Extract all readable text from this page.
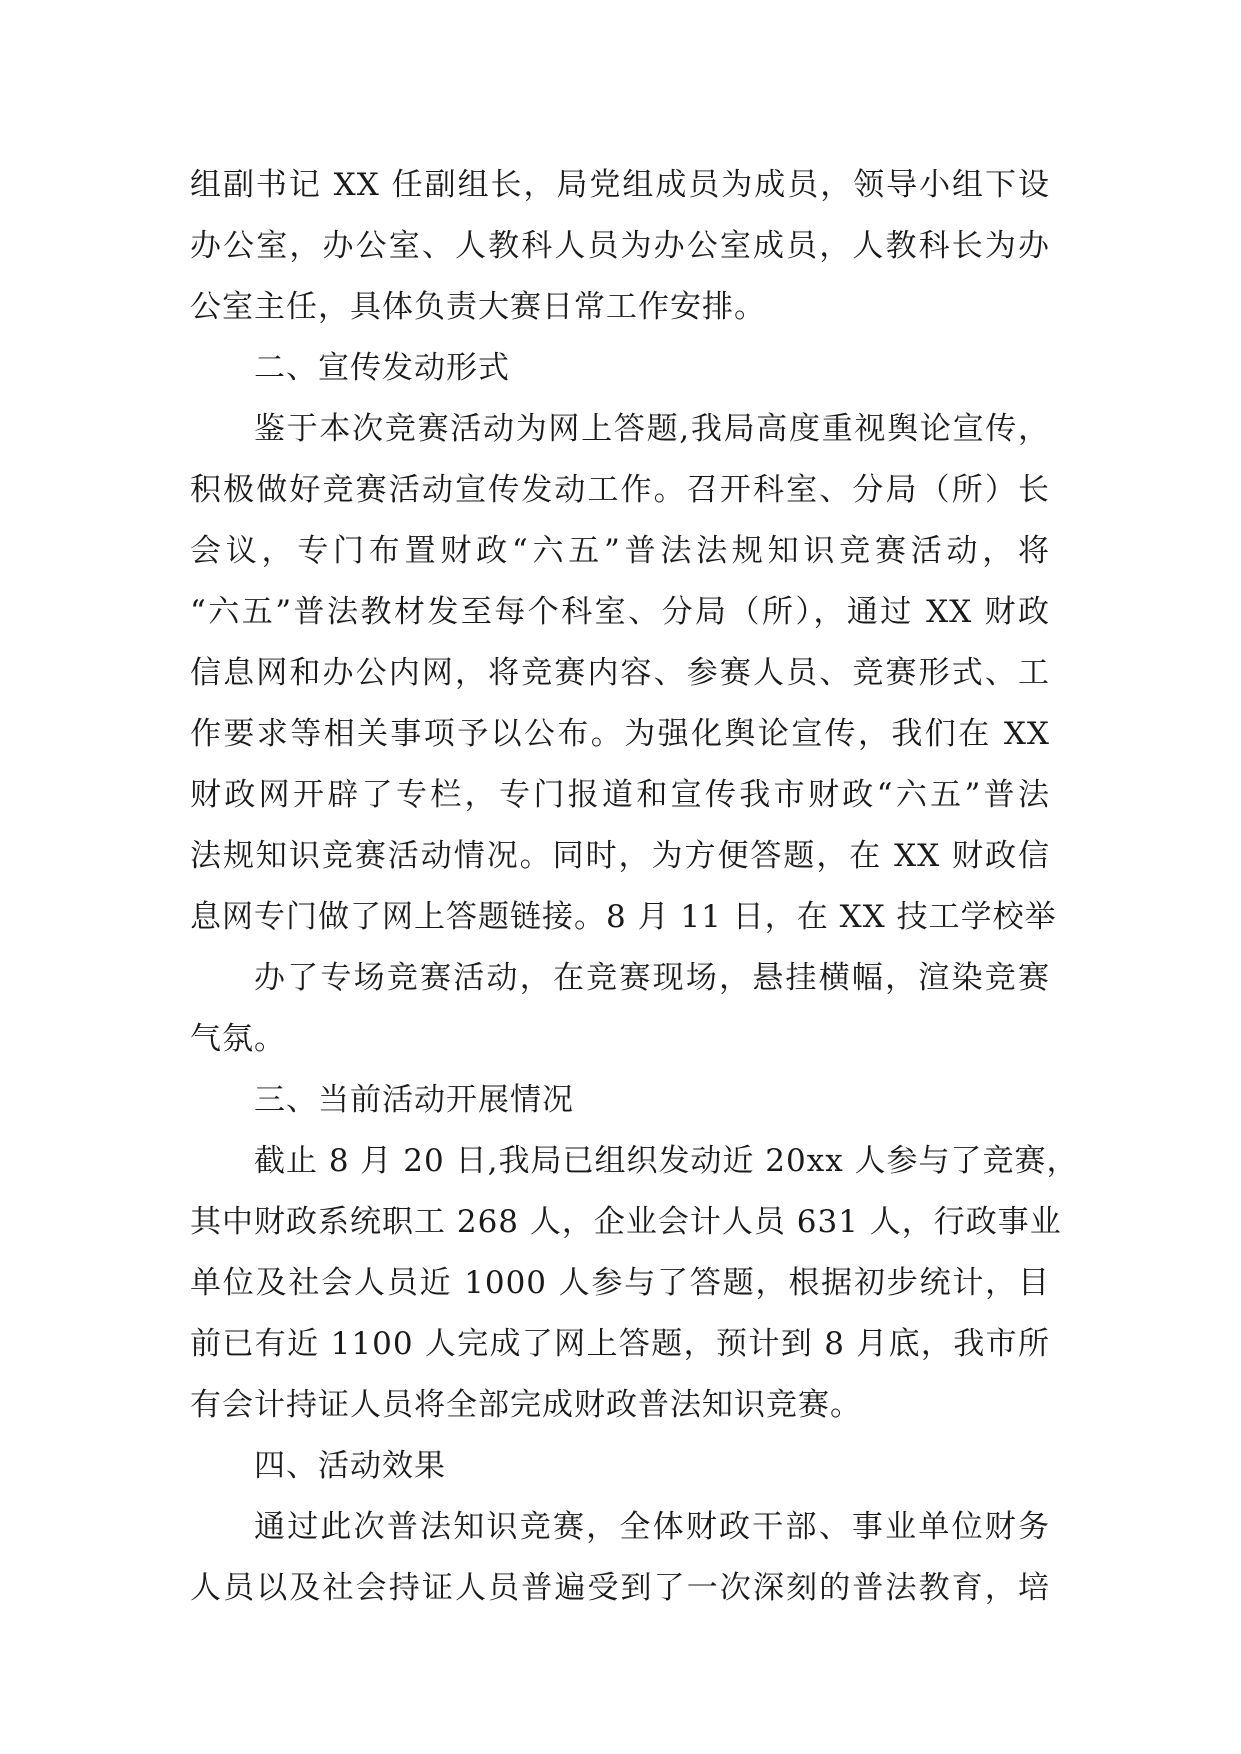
组副书记 XX 任副组长，局党组成员为成员，领导小组下设
办公室，办公室、人教科人员为办公室成员，人教科长为办
公室主任，具体负责大赛日常工作安排。
二、宣传发动形式
鉴于本次竞赛活动为网上答题,我局高度重视舆论宣传，
积极做好竞赛活动宣传发动工作。召开科室、分局（所）长
会议，专门布置财政“六五”普法法规知识竞赛活动，将
“六五”普法教材发至每个科室、分局（所），通过 XX 财政
信息网和办公内网，将竞赛内容、参赛人员、竞赛形式、工
作要求等相关事项予以公布。为强化舆论宣传，我们在 XX
财政网开辟了专栏，专门报道和宣传我市财政“六五”普法
法规知识竞赛活动情况。同时，为方便答题，在 XX 财政信
息网专门做了网上答题链接。8 月 11 日，在 XX 技工学校举
办了专场竞赛活动，在竞赛现场，悬挂横幅，渲染竞赛
气氛。
三、当前活动开展情况
截止 8 月 20 日,我局已组织发动近 20xx 人参与了竞赛，
其中财政系统职工 268 人，企业会计人员 631 人，行政事业
单位及社会人员近 1000 人参与了答题，根据初步统计，目
前已有近 1100 人完成了网上答题，预计到 8 月底，我市所
有会计持证人员将全部完成财政普法知识竞赛。
四、活动效果
通过此次普法知识竞赛，全体财政干部、事业单位财务
人员以及社会持证人员普遍受到了一次深刻的普法教育，培
